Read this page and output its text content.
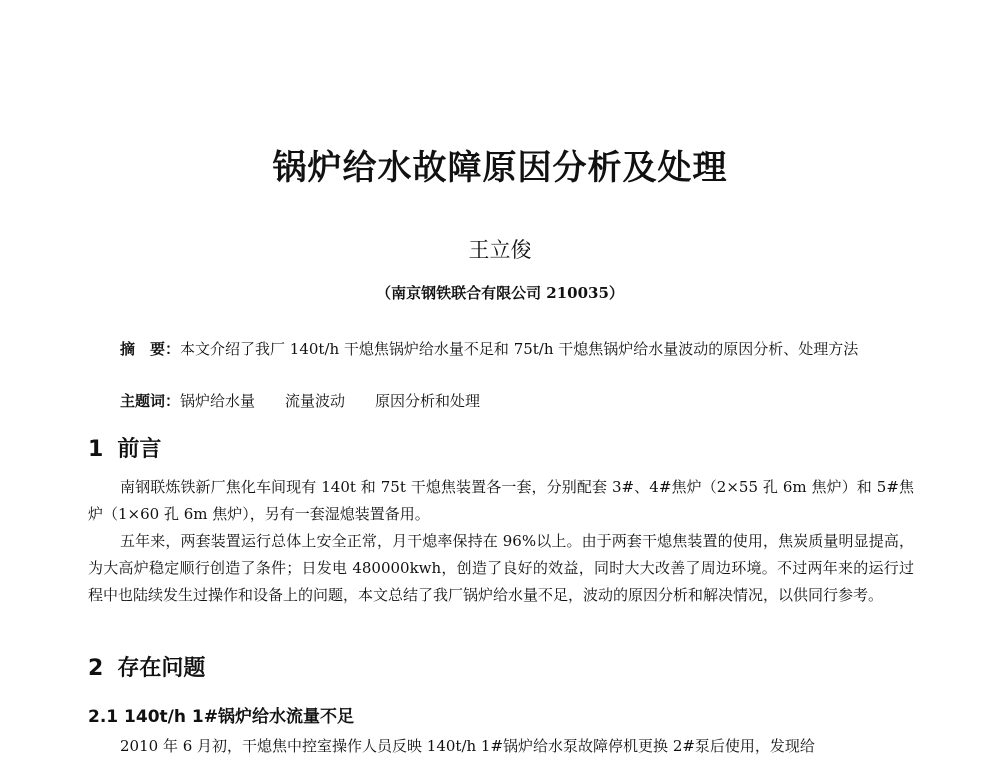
锅炉给水故障原因分析及处理
王立俊
（南京钢铁联合有限公司 210035）

摘　要：本文介绍了我厂 140t/h 干熄焦锅炉给水量不足和 75t/h 干熄焦锅炉给水量波动的原因分析、处理方法

主题词：锅炉给水量　　流量波动　　原因分析和处理
1 前言

南钢联炼铁新厂焦化车间现有 140t 和 75t 干熄焦装置各一套，分别配套 3#、4#焦炉（2×55 孔 6m 焦炉）和 5#焦炉（1×60 孔 6m 焦炉），另有一套湿熄装置备用。

五年来，两套装置运行总体上安全正常，月干熄率保持在 96%以上。由于两套干熄焦装置的使用，焦炭质量明显提高，为大高炉稳定顺行创造了条件；日发电 480000kwh，创造了良好的效益，同时大大改善了周边环境。不过两年来的运行过程中也陆续发生过操作和设备上的问题，本文总结了我厂锅炉给水量不足，波动的原因分析和解决情况，以供同行参考。

2 存在问题
2.1 140t/h 1#锅炉给水流量不足

2010 年 6 月初，干熄焦中控室操作人员反映 140t/h 1#锅炉给水泵故障停机更换 2#泵后使用，发现给
